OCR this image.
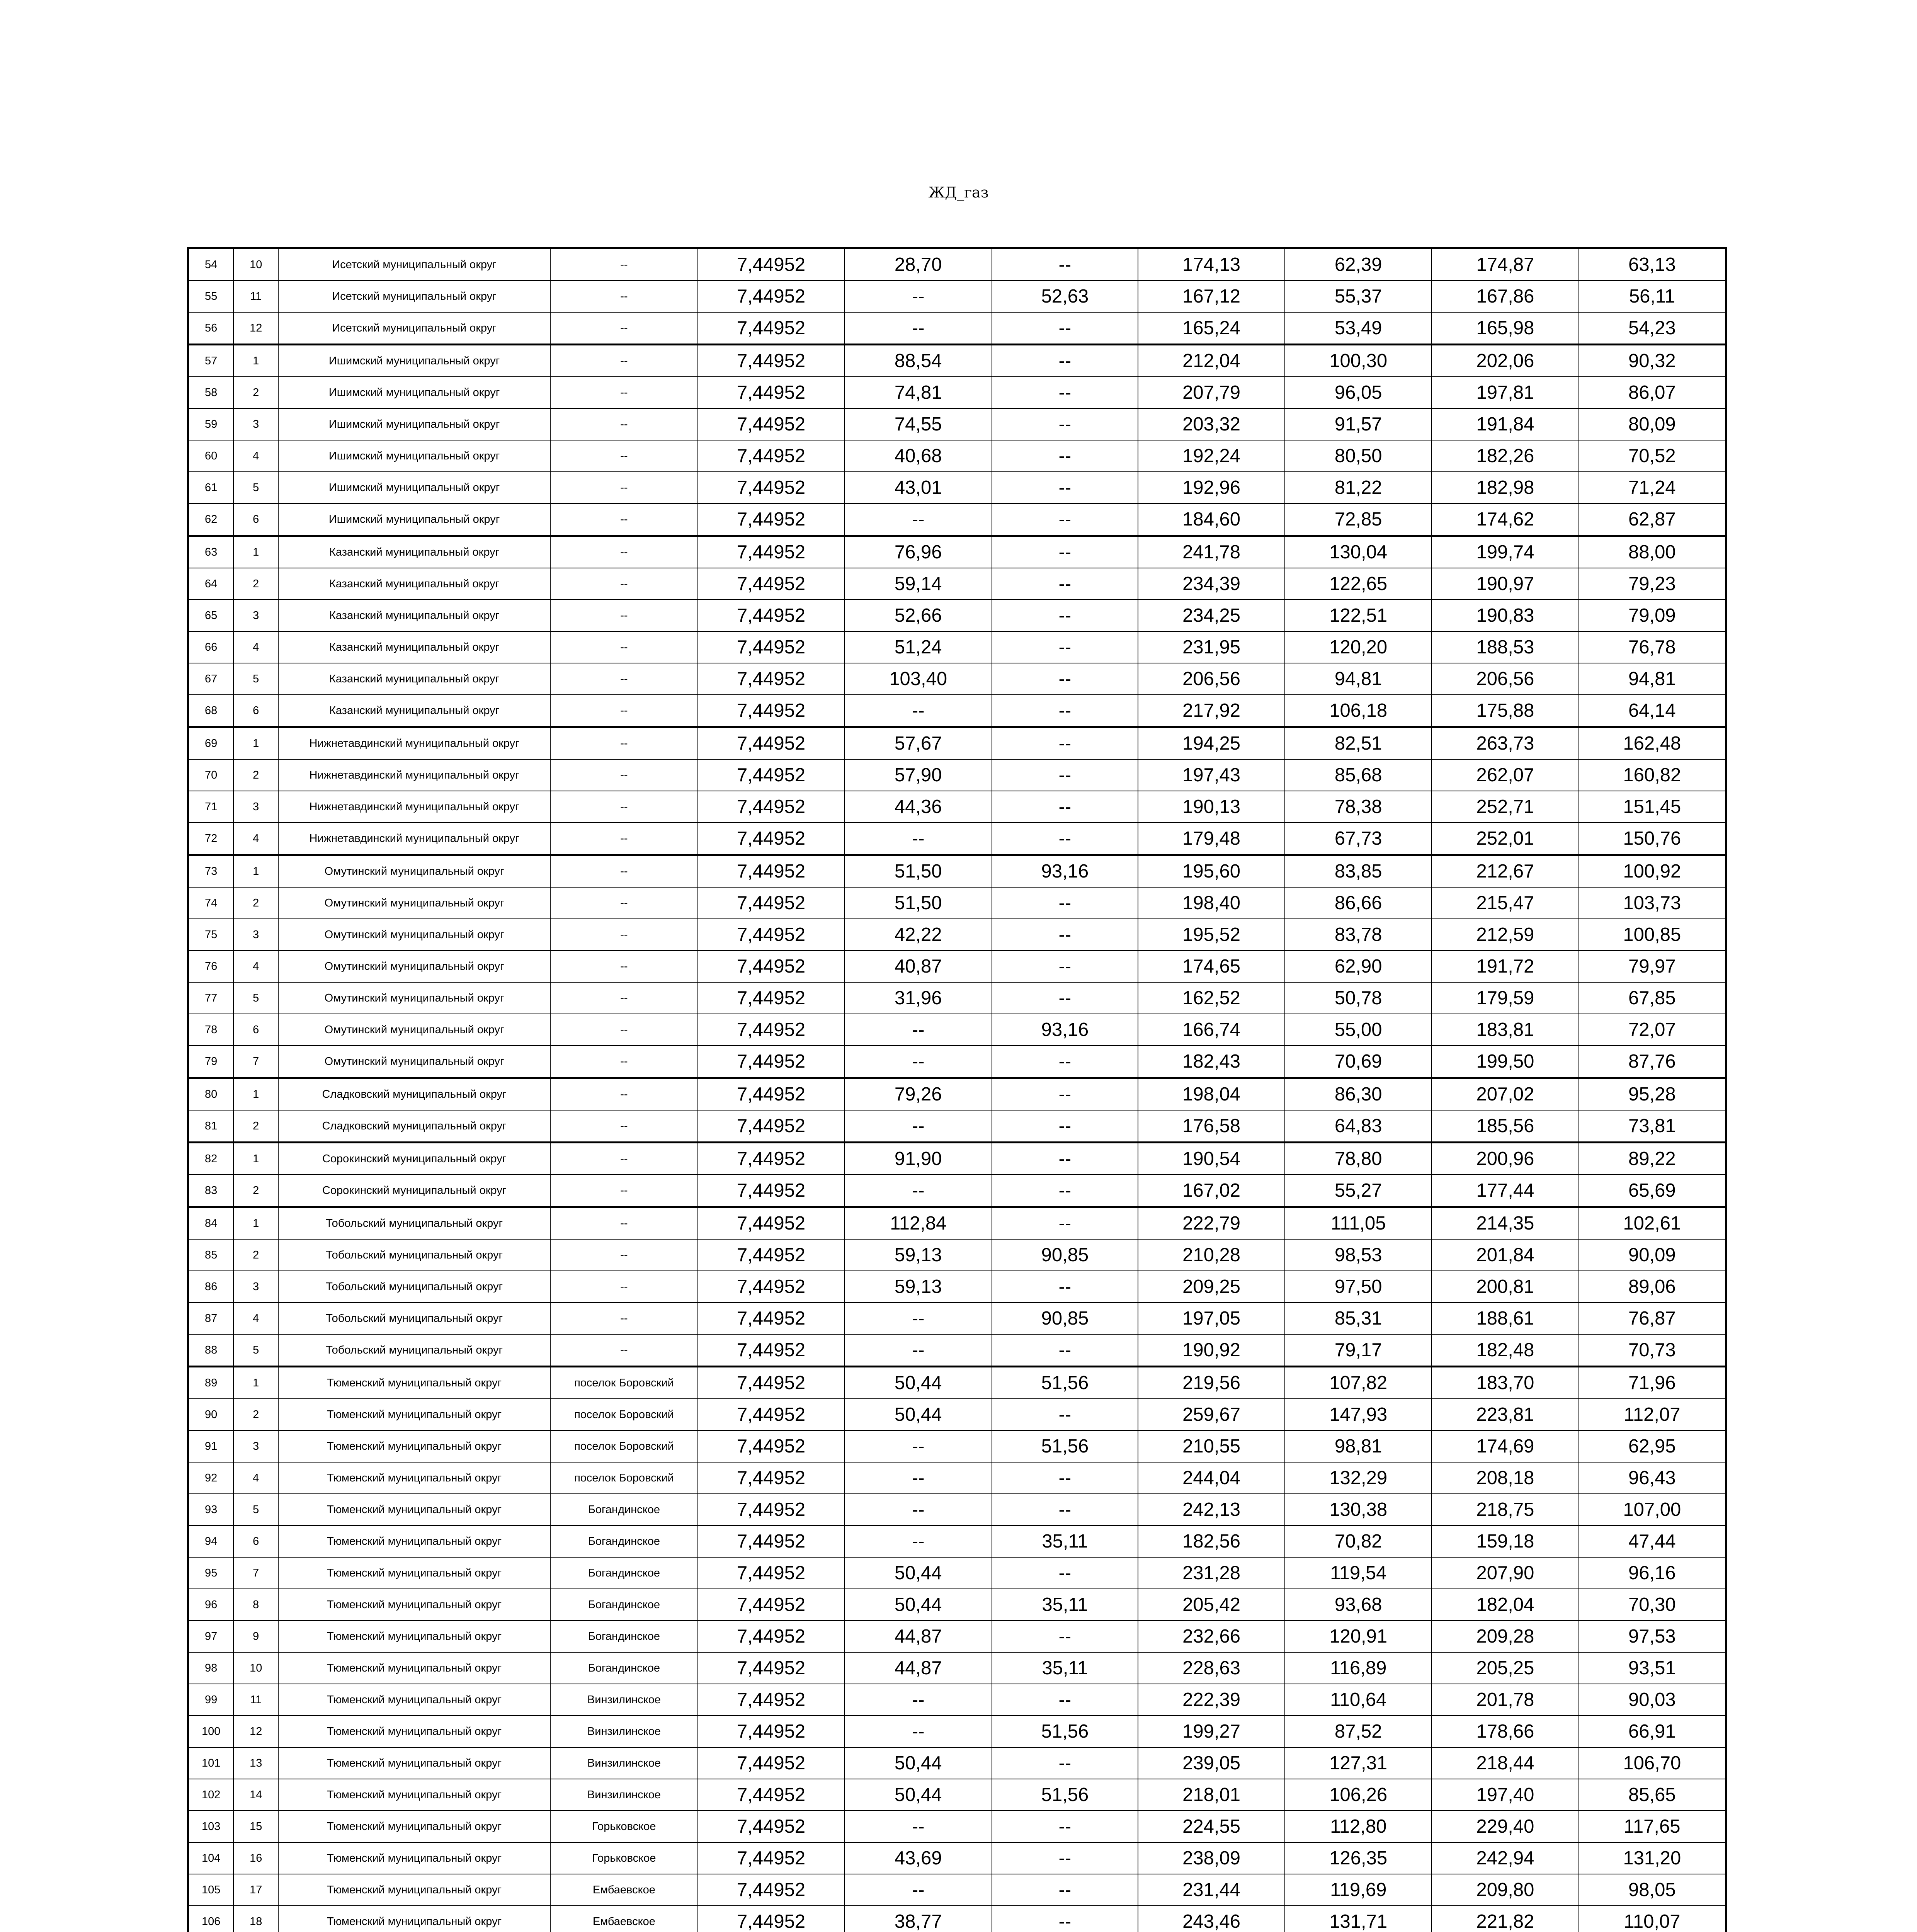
ЖД_газ
54	10	Исетский муниципальный округ	--	7,44952	28,70	--	174,13	62,39	174,87	63,13
55	11	Исетский муниципальный округ	--	7,44952	--	52,63	167,12	55,37	167,86	56,11
56	12	Исетский муниципальный округ	--	7,44952	--	--	165,24	53,49	165,98	54,23
57	1	Ишимский муниципальный округ	--	7,44952	88,54	--	212,04	100,30	202,06	90,32
58	2	Ишимский муниципальный округ	--	7,44952	74,81	--	207,79	96,05	197,81	86,07
59	3	Ишимский муниципальный округ	--	7,44952	74,55	--	203,32	91,57	191,84	80,09
60	4	Ишимский муниципальный округ	--	7,44952	40,68	--	192,24	80,50	182,26	70,52
61	5	Ишимский муниципальный округ	--	7,44952	43,01	--	192,96	81,22	182,98	71,24
62	6	Ишимский муниципальный округ	--	7,44952	--	--	184,60	72,85	174,62	62,87
63	1	Казанский муниципальный округ	--	7,44952	76,96	--	241,78	130,04	199,74	88,00
64	2	Казанский муниципальный округ	--	7,44952	59,14	--	234,39	122,65	190,97	79,23
65	3	Казанский муниципальный округ	--	7,44952	52,66	--	234,25	122,51	190,83	79,09
66	4	Казанский муниципальный округ	--	7,44952	51,24	--	231,95	120,20	188,53	76,78
67	5	Казанский муниципальный округ	--	7,44952	103,40	--	206,56	94,81	206,56	94,81
68	6	Казанский муниципальный округ	--	7,44952	--	--	217,92	106,18	175,88	64,14
69	1	Нижнетавдинский муниципальный округ	--	7,44952	57,67	--	194,25	82,51	263,73	162,48
70	2	Нижнетавдинский муниципальный округ	--	7,44952	57,90	--	197,43	85,68	262,07	160,82
71	3	Нижнетавдинский муниципальный округ	--	7,44952	44,36	--	190,13	78,38	252,71	151,45
72	4	Нижнетавдинский муниципальный округ	--	7,44952	--	--	179,48	67,73	252,01	150,76
73	1	Омутинский муниципальный округ	--	7,44952	51,50	93,16	195,60	83,85	212,67	100,92
74	2	Омутинский муниципальный округ	--	7,44952	51,50	--	198,40	86,66	215,47	103,73
75	3	Омутинский муниципальный округ	--	7,44952	42,22	--	195,52	83,78	212,59	100,85
76	4	Омутинский муниципальный округ	--	7,44952	40,87	--	174,65	62,90	191,72	79,97
77	5	Омутинский муниципальный округ	--	7,44952	31,96	--	162,52	50,78	179,59	67,85
78	6	Омутинский муниципальный округ	--	7,44952	--	93,16	166,74	55,00	183,81	72,07
79	7	Омутинский муниципальный округ	--	7,44952	--	--	182,43	70,69	199,50	87,76
80	1	Сладковский муниципальный округ	--	7,44952	79,26	--	198,04	86,30	207,02	95,28
81	2	Сладковский муниципальный округ	--	7,44952	--	--	176,58	64,83	185,56	73,81
82	1	Сорокинский муниципальный округ	--	7,44952	91,90	--	190,54	78,80	200,96	89,22
83	2	Сорокинский муниципальный округ	--	7,44952	--	--	167,02	55,27	177,44	65,69
84	1	Тобольский муниципальный округ	--	7,44952	112,84	--	222,79	111,05	214,35	102,61
85	2	Тобольский муниципальный округ	--	7,44952	59,13	90,85	210,28	98,53	201,84	90,09
86	3	Тобольский муниципальный округ	--	7,44952	59,13	--	209,25	97,50	200,81	89,06
87	4	Тобольский муниципальный округ	--	7,44952	--	90,85	197,05	85,31	188,61	76,87
88	5	Тобольский муниципальный округ	--	7,44952	--	--	190,92	79,17	182,48	70,73
89	1	Тюменский муниципальный округ	поселок Боровский	7,44952	50,44	51,56	219,56	107,82	183,70	71,96
90	2	Тюменский муниципальный округ	поселок Боровский	7,44952	50,44	--	259,67	147,93	223,81	112,07
91	3	Тюменский муниципальный округ	поселок Боровский	7,44952	--	51,56	210,55	98,81	174,69	62,95
92	4	Тюменский муниципальный округ	поселок Боровский	7,44952	--	--	244,04	132,29	208,18	96,43
93	5	Тюменский муниципальный округ	Богандинское	7,44952	--	--	242,13	130,38	218,75	107,00
94	6	Тюменский муниципальный округ	Богандинское	7,44952	--	35,11	182,56	70,82	159,18	47,44
95	7	Тюменский муниципальный округ	Богандинское	7,44952	50,44	--	231,28	119,54	207,90	96,16
96	8	Тюменский муниципальный округ	Богандинское	7,44952	50,44	35,11	205,42	93,68	182,04	70,30
97	9	Тюменский муниципальный округ	Богандинское	7,44952	44,87	--	232,66	120,91	209,28	97,53
98	10	Тюменский муниципальный округ	Богандинское	7,44952	44,87	35,11	228,63	116,89	205,25	93,51
99	11	Тюменский муниципальный округ	Винзилинское	7,44952	--	--	222,39	110,64	201,78	90,03
100	12	Тюменский муниципальный округ	Винзилинское	7,44952	--	51,56	199,27	87,52	178,66	66,91
101	13	Тюменский муниципальный округ	Винзилинское	7,44952	50,44	--	239,05	127,31	218,44	106,70
102	14	Тюменский муниципальный округ	Винзилинское	7,44952	50,44	51,56	218,01	106,26	197,40	85,65
103	15	Тюменский муниципальный округ	Горьковское	7,44952	--	--	224,55	112,80	229,40	117,65
104	16	Тюменский муниципальный округ	Горьковское	7,44952	43,69	--	238,09	126,35	242,94	131,20
105	17	Тюменский муниципальный округ	Ембаевское	7,44952	--	--	231,44	119,69	209,80	98,05
106	18	Тюменский муниципальный округ	Ембаевское	7,44952	38,77	--	243,46	131,71	221,82	110,07
